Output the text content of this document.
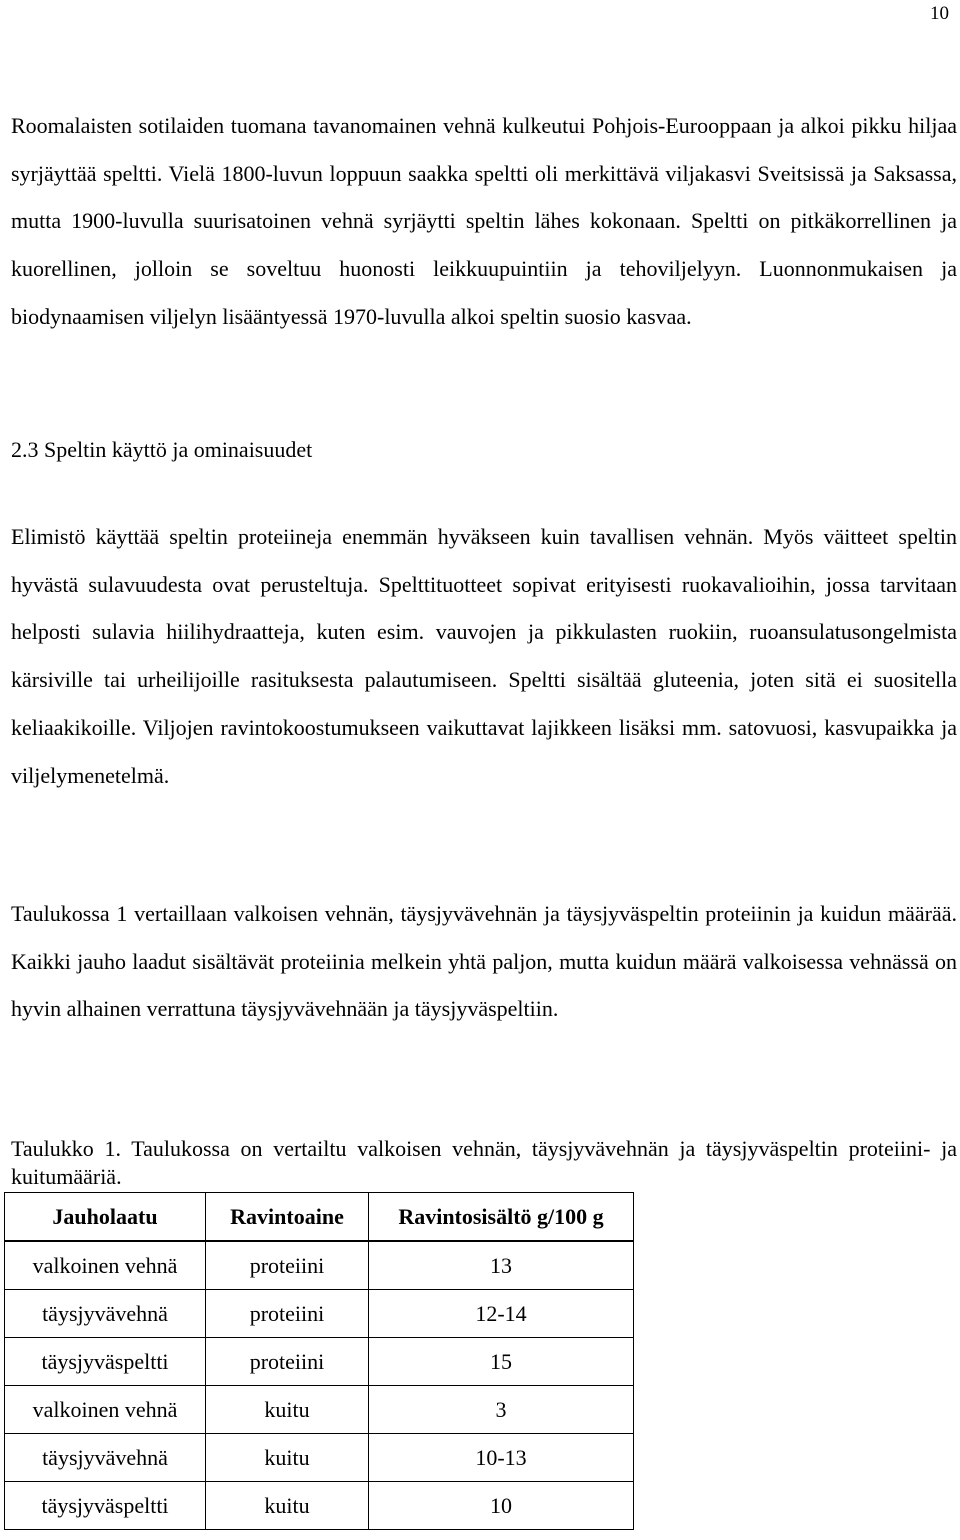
10

Roomalaisten sotilaiden tuomana tavanomainen vehnä kulkeutui Pohjois-Eurooppaan ja alkoi pikku hiljaa syrjäyttää speltti. Vielä 1800-luvun loppuun saakka speltti oli merkittävä viljakasvi Sveitsissä ja Saksassa, mutta 1900-luvulla suurisatoinen vehnä syrjäytti speltin lähes kokonaan. Speltti on pitkäkorrellinen ja kuorellinen, jolloin se soveltuu huonosti leikkuupuintiin ja tehoviljelyyn. Luonnonmukaisen ja biodynaamisen viljelyn lisääntyessä 1970-luvulla alkoi speltin suosio kasvaa.

2.3 Speltin käyttö ja ominaisuudet

Elimistö käyttää speltin proteiineja enemmän hyväkseen kuin tavallisen vehnän. Myös väitteet speltin hyvästä sulavuudesta ovat perusteltuja. Spelttituotteet sopivat erityisesti ruokavalioihin, jossa tarvitaan helposti sulavia hiilihydraatteja, kuten esim. vauvojen ja pikkulasten ruokiin, ruoansulatusongelmista kärsiville tai urheilijoille rasituksesta palautumiseen. Speltti sisältää gluteenia, joten sitä ei suositella keliaakikoille. Viljojen ravintokoostumukseen vaikuttavat lajikkeen lisäksi mm. satovuosi, kasvupaikka ja viljelymenetelmä.

Taulukossa 1 vertaillaan valkoisen vehnän, täysjyvävehnän ja täysjyväspeltin proteiinin ja kuidun määrää. Kaikki jauho laadut sisältävät proteiinia melkein yhtä paljon, mutta kuidun määrä valkoisessa vehnässä on hyvin alhainen verrattuna täysjyvävehnään ja täysjyväspeltiin.

Taulukko 1. Taulukossa on vertailtu valkoisen vehnän, täysjyvävehnän ja täysjyväspeltin proteiini- ja kuitumääriä.

Jauholaatu	Ravintoaine	Ravintosisältö g/100 g
valkoinen vehnä	proteiini	13
täysjyvävehnä	proteiini	12-14
täysjyväspeltti	proteiini	15
valkoinen vehnä	kuitu	3
täysjyvävehnä	kuitu	10-13
täysjyväspeltti	kuitu	10
